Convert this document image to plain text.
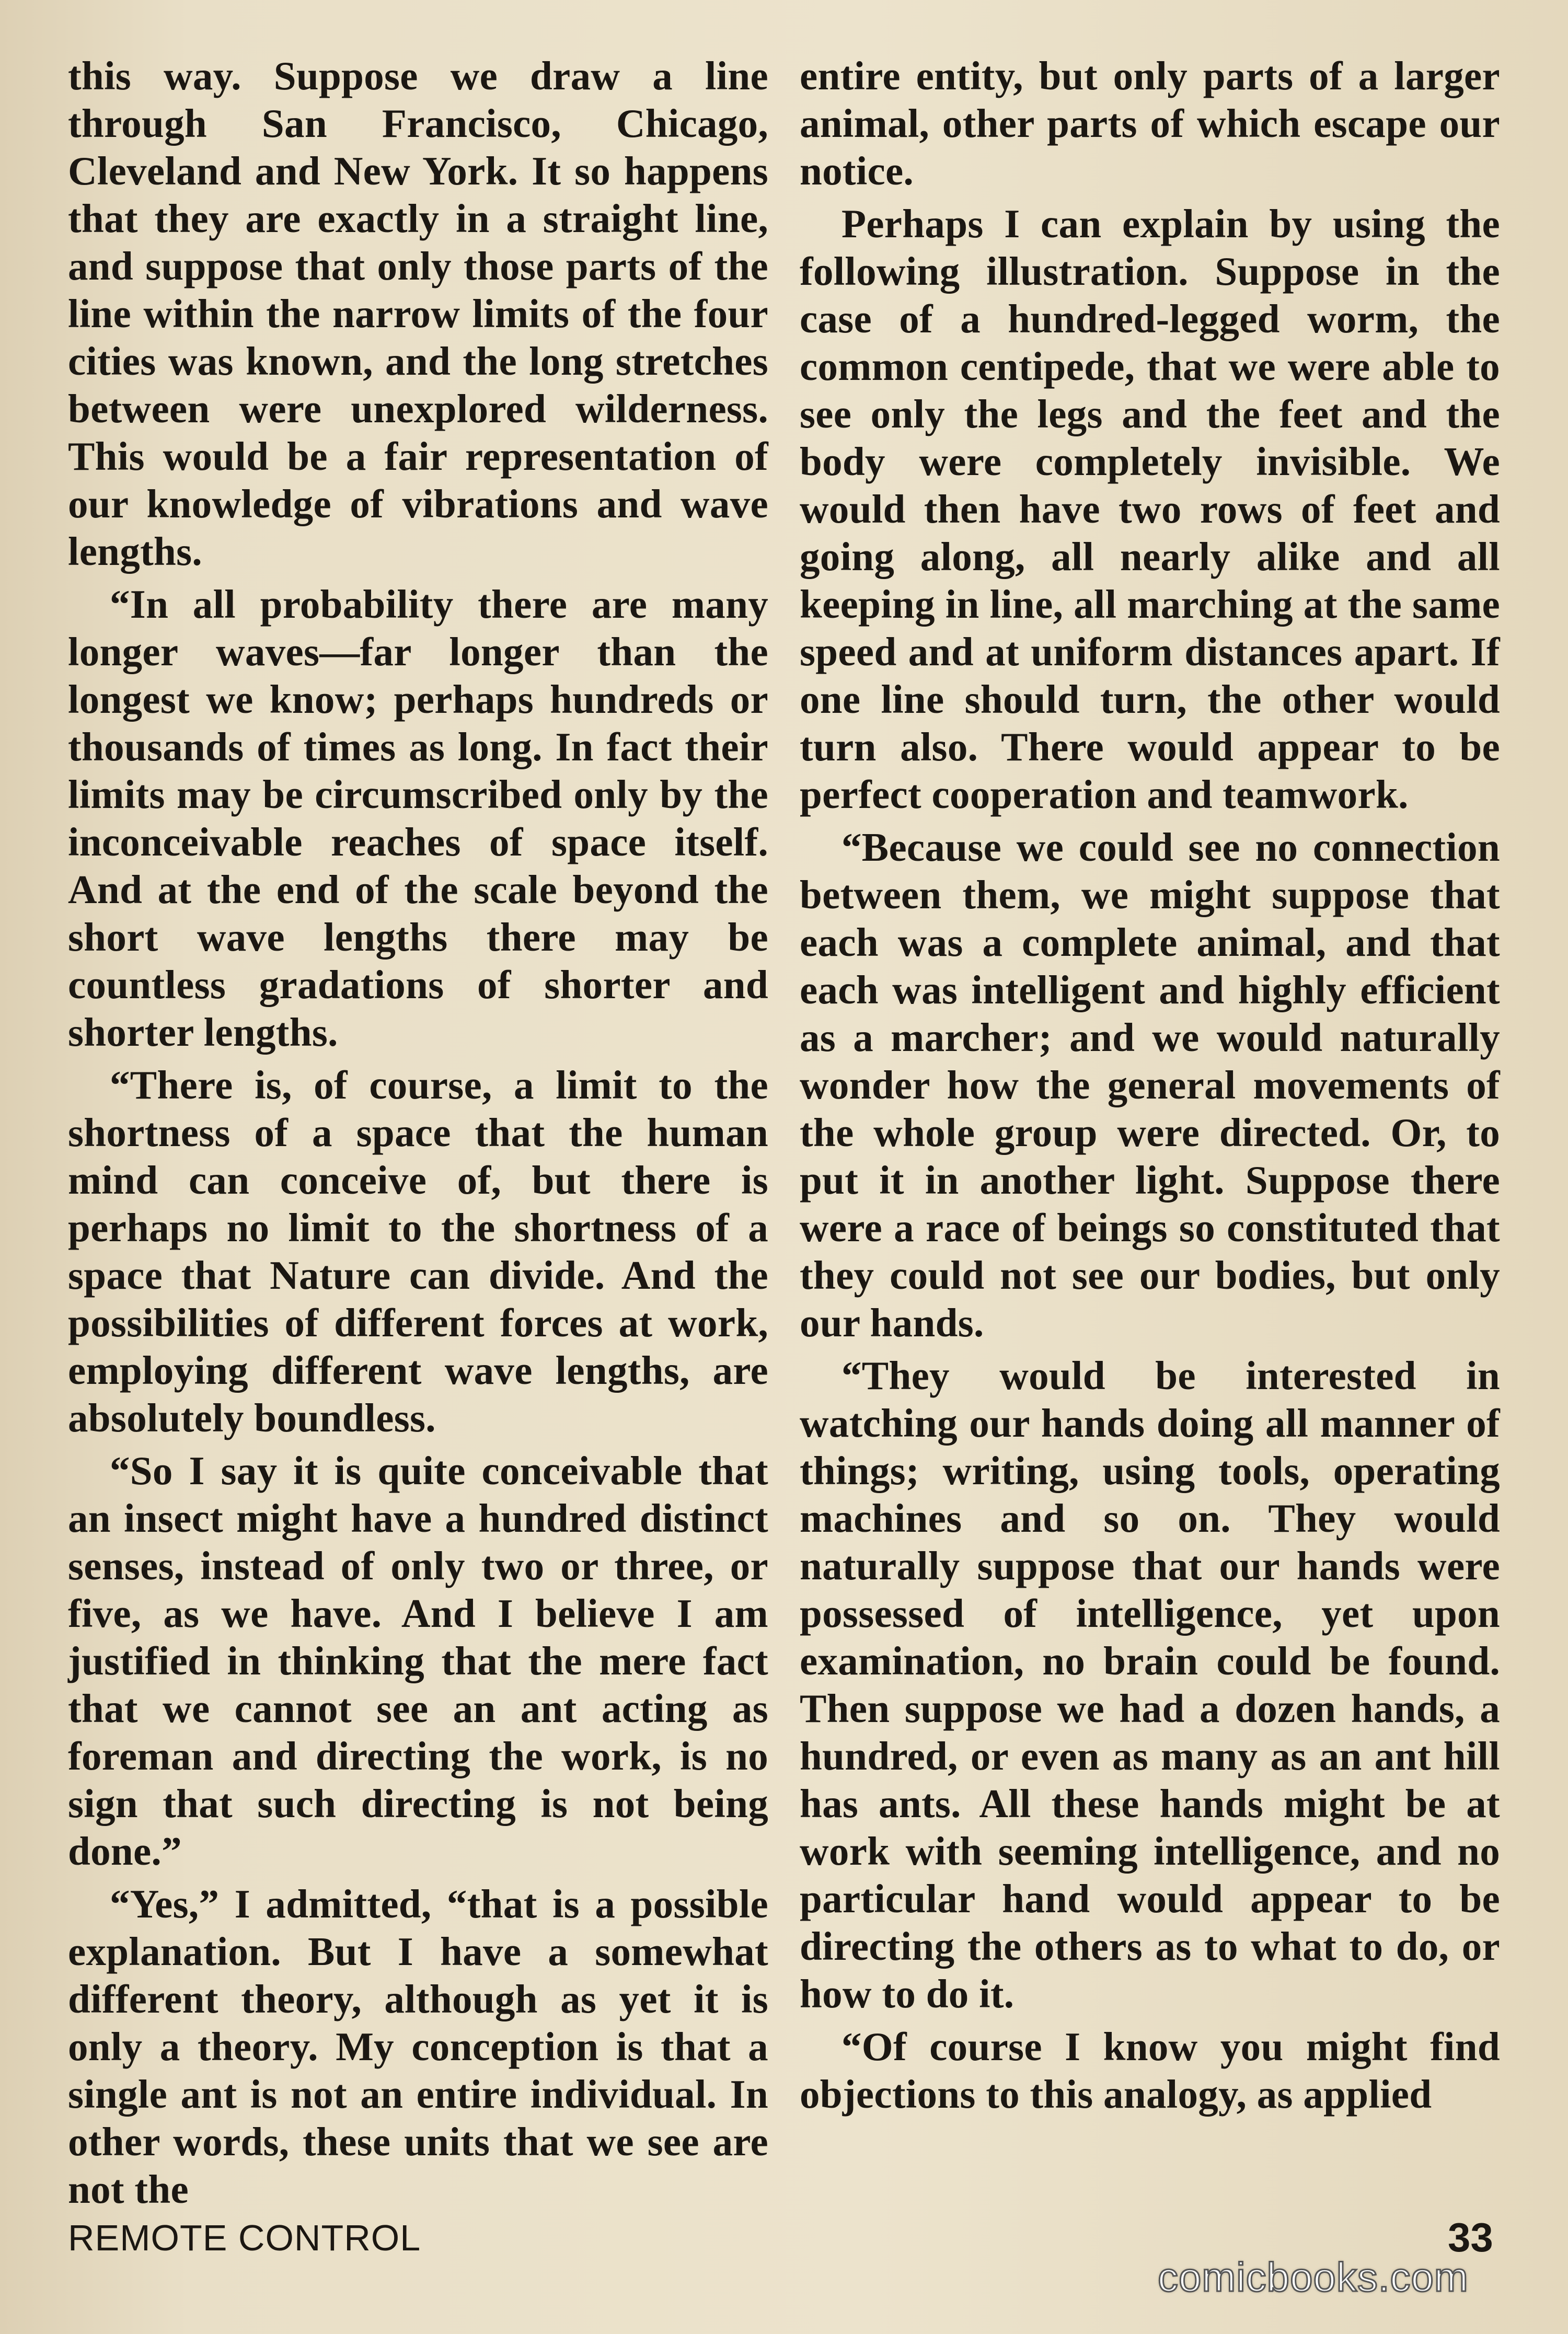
this way. Suppose we draw a line through San Francisco, Chicago, Cleveland and New York. It so happens that they are exactly in a straight line, and suppose that only those parts of the line within the narrow limits of the four cities was known, and the long stretches between were unexplored wilderness. This would be a fair representation of our knowledge of vibrations and wave lengths.

“In all probability there are many longer waves—far longer than the longest we know; perhaps hundreds or thousands of times as long. In fact their limits may be circumscribed only by the inconceivable reaches of space itself. And at the end of the scale beyond the short wave lengths there may be countless gradations of shorter and shorter lengths.

“There is, of course, a limit to the shortness of a space that the human mind can conceive of, but there is perhaps no limit to the shortness of a space that Nature can divide. And the possibilities of different forces at work, employing different wave lengths, are absolutely boundless.

“So I say it is quite conceivable that an insect might have a hundred distinct senses, instead of only two or three, or five, as we have. And I believe I am justified in thinking that the mere fact that we cannot see an ant acting as foreman and directing the work, is no sign that such directing is not being done.”

“Yes,” I admitted, “that is a possible explanation. But I have a somewhat different theory, although as yet it is only a theory. My conception is that a single ant is not an entire individual. In other words, these units that we see are not the

entire entity, but only parts of a larger animal, other parts of which escape our notice.

Perhaps I can explain by using the following illustration. Suppose in the case of a hundred-legged worm, the common centipede, that we were able to see only the legs and the feet and the body were completely invisible. We would then have two rows of feet and going along, all nearly alike and all keeping in line, all marching at the same speed and at uniform distances apart. If one line should turn, the other would turn also. There would appear to be perfect cooperation and teamwork.

“Because we could see no connection between them, we might suppose that each was a complete animal, and that each was intelligent and highly efficient as a marcher; and we would naturally wonder how the general movements of the whole group were directed. Or, to put it in another light. Suppose there were a race of beings so constituted that they could not see our bodies, but only our hands.

“They would be interested in watching our hands doing all manner of things; writing, using tools, operating machines and so on. They would naturally suppose that our hands were possessed of intelligence, yet upon examination, no brain could be found. Then suppose we had a dozen hands, a hundred, or even as many as an ant hill has ants. All these hands might be at work with seeming intelligence, and no particular hand would appear to be directing the others as to what to do, or how to do it.

“Of course I know you might find objections to this analogy, as applied

REMOTE CONTROL	33
comicbooks.com
